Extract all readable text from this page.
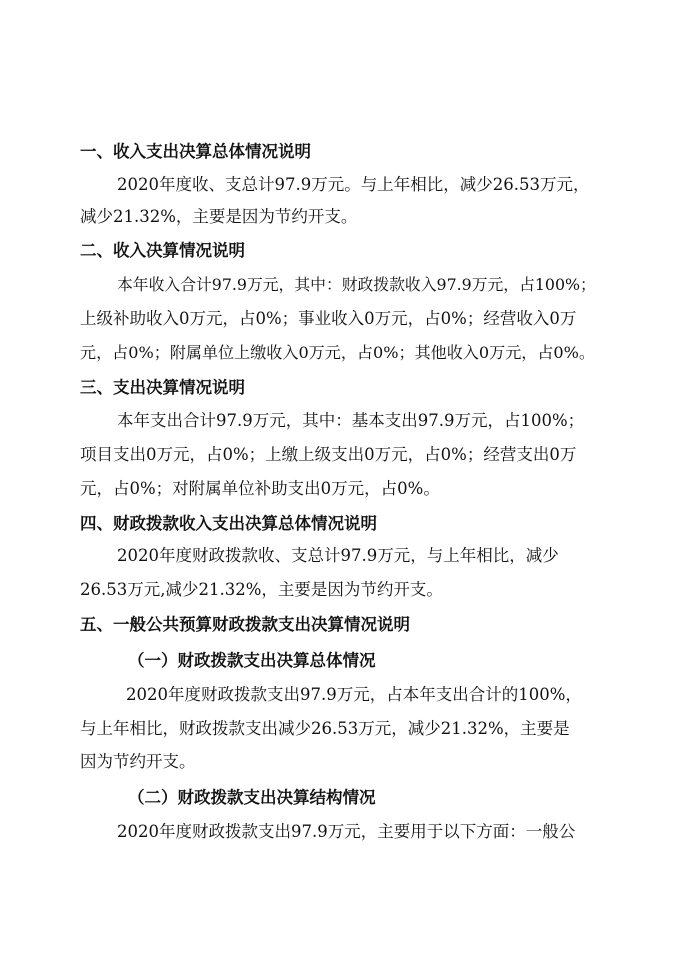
一、收入支出决算总体情况说明
2020年度收、支总计97.9万元。与上年相比，减少26.53万元，
减少21.32%，主要是因为节约开支。
二、收入决算情况说明
本年收入合计97.9万元，其中：财政拨款收入97.9万元，占100%；
上级补助收入0万元，占0%；事业收入0万元，占0%；经营收入0万
元，占0%；附属单位上缴收入0万元，占0%；其他收入0万元，占0%。
三、支出决算情况说明
本年支出合计97.9万元，其中：基本支出97.9万元，占100%；
项目支出0万元，占0%；上缴上级支出0万元，占0%；经营支出0万
元，占0%；对附属单位补助支出0万元，占0%。
四、财政拨款收入支出决算总体情况说明
2020年度财政拨款收、支总计97.9万元，与上年相比，减少
26.53万元,减少21.32%，主要是因为节约开支。
五、一般公共预算财政拨款支出决算情况说明
（一）财政拨款支出决算总体情况
2020年度财政拨款支出97.9万元，占本年支出合计的100%，
与上年相比，财政拨款支出减少26.53万元，减少21.32%，主要是
因为节约开支。
（二）财政拨款支出决算结构情况
2020年度财政拨款支出97.9万元，主要用于以下方面：一般公
